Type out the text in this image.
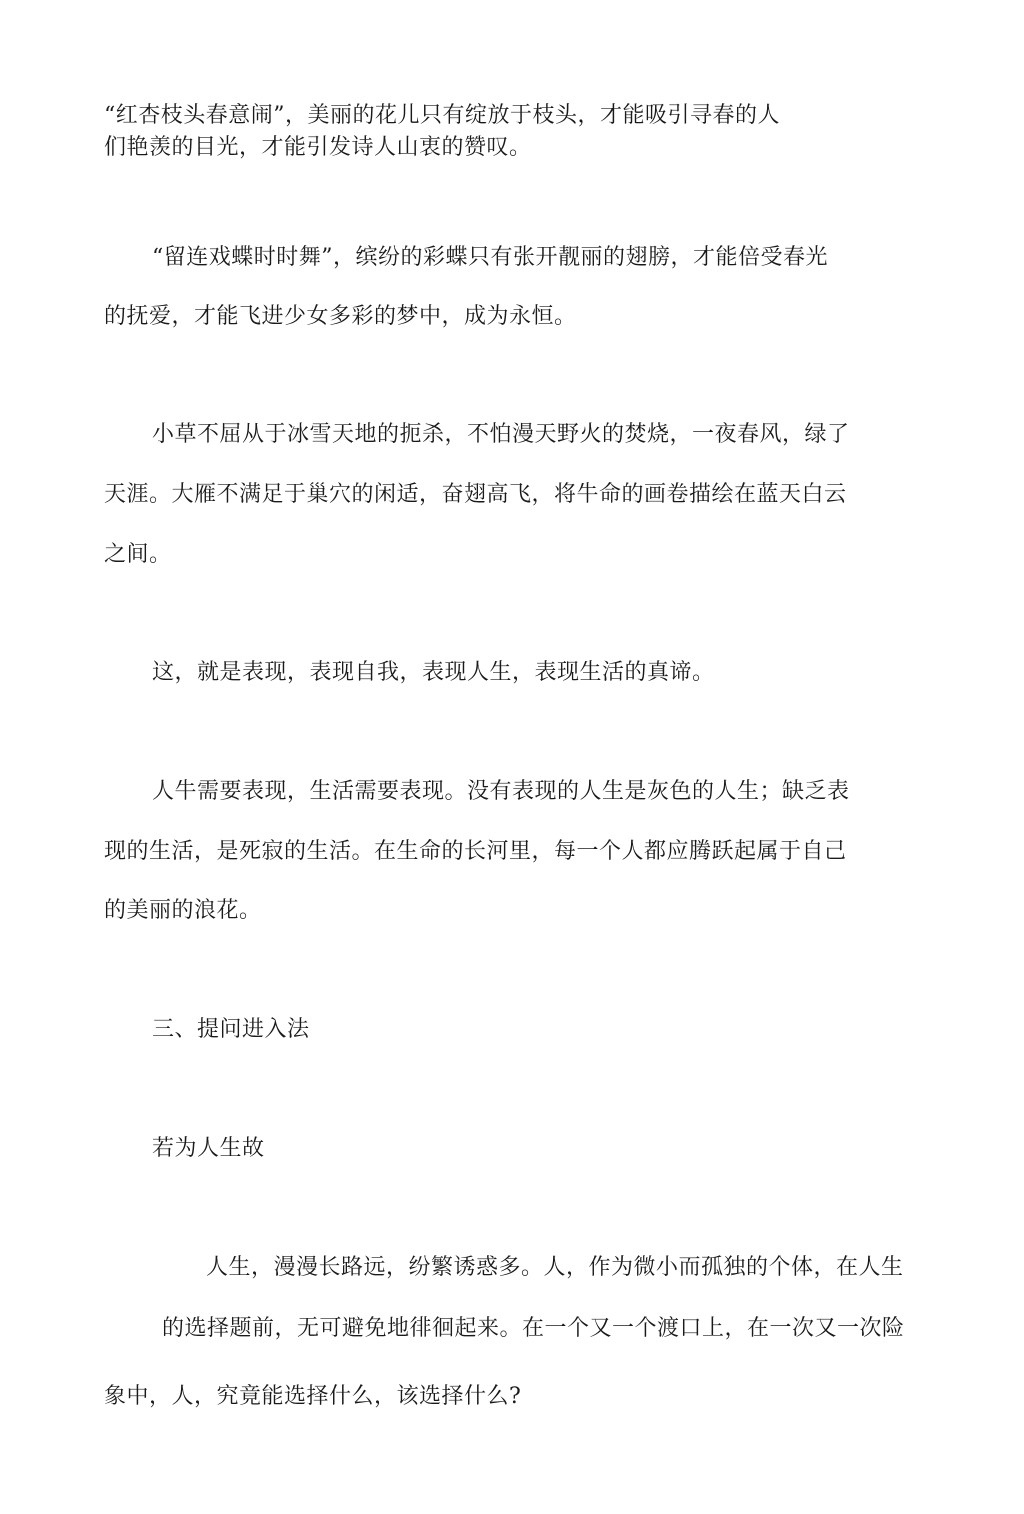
“红杏枝头春意闹”，美丽的花儿只有绽放于枝头，才能吸引寻春的人
们艳羡的目光，才能引发诗人山衷的赞叹。
“留连戏蝶时时舞”，缤纷的彩蝶只有张开靓丽的翅膀，才能倍受春光
的抚爱，才能飞进少女多彩的梦中，成为永恒。
小草不屈从于冰雪天地的扼杀，不怕漫天野火的焚烧，一夜春风，绿了
天涯。大雁不满足于巢穴的闲适，奋翅高飞，将牛命的画卷描绘在蓝天白云
之间。
这，就是表现，表现自我，表现人生，表现生活的真谛。
人牛需要表现，生活需要表现。没有表现的人生是灰色的人生；缺乏表
现的生活，是死寂的生活。在生命的长河里，每一个人都应腾跃起属于自己
的美丽的浪花。
三、提问进入法
若为人生故
人生，漫漫长路远，纷繁诱惑多。人，作为微小而孤独的个体，在人生
的选择题前，无可避免地徘徊起来。在一个又一个渡口上，在一次又一次险
象中，人，究竟能选择什么，该选择什么?
